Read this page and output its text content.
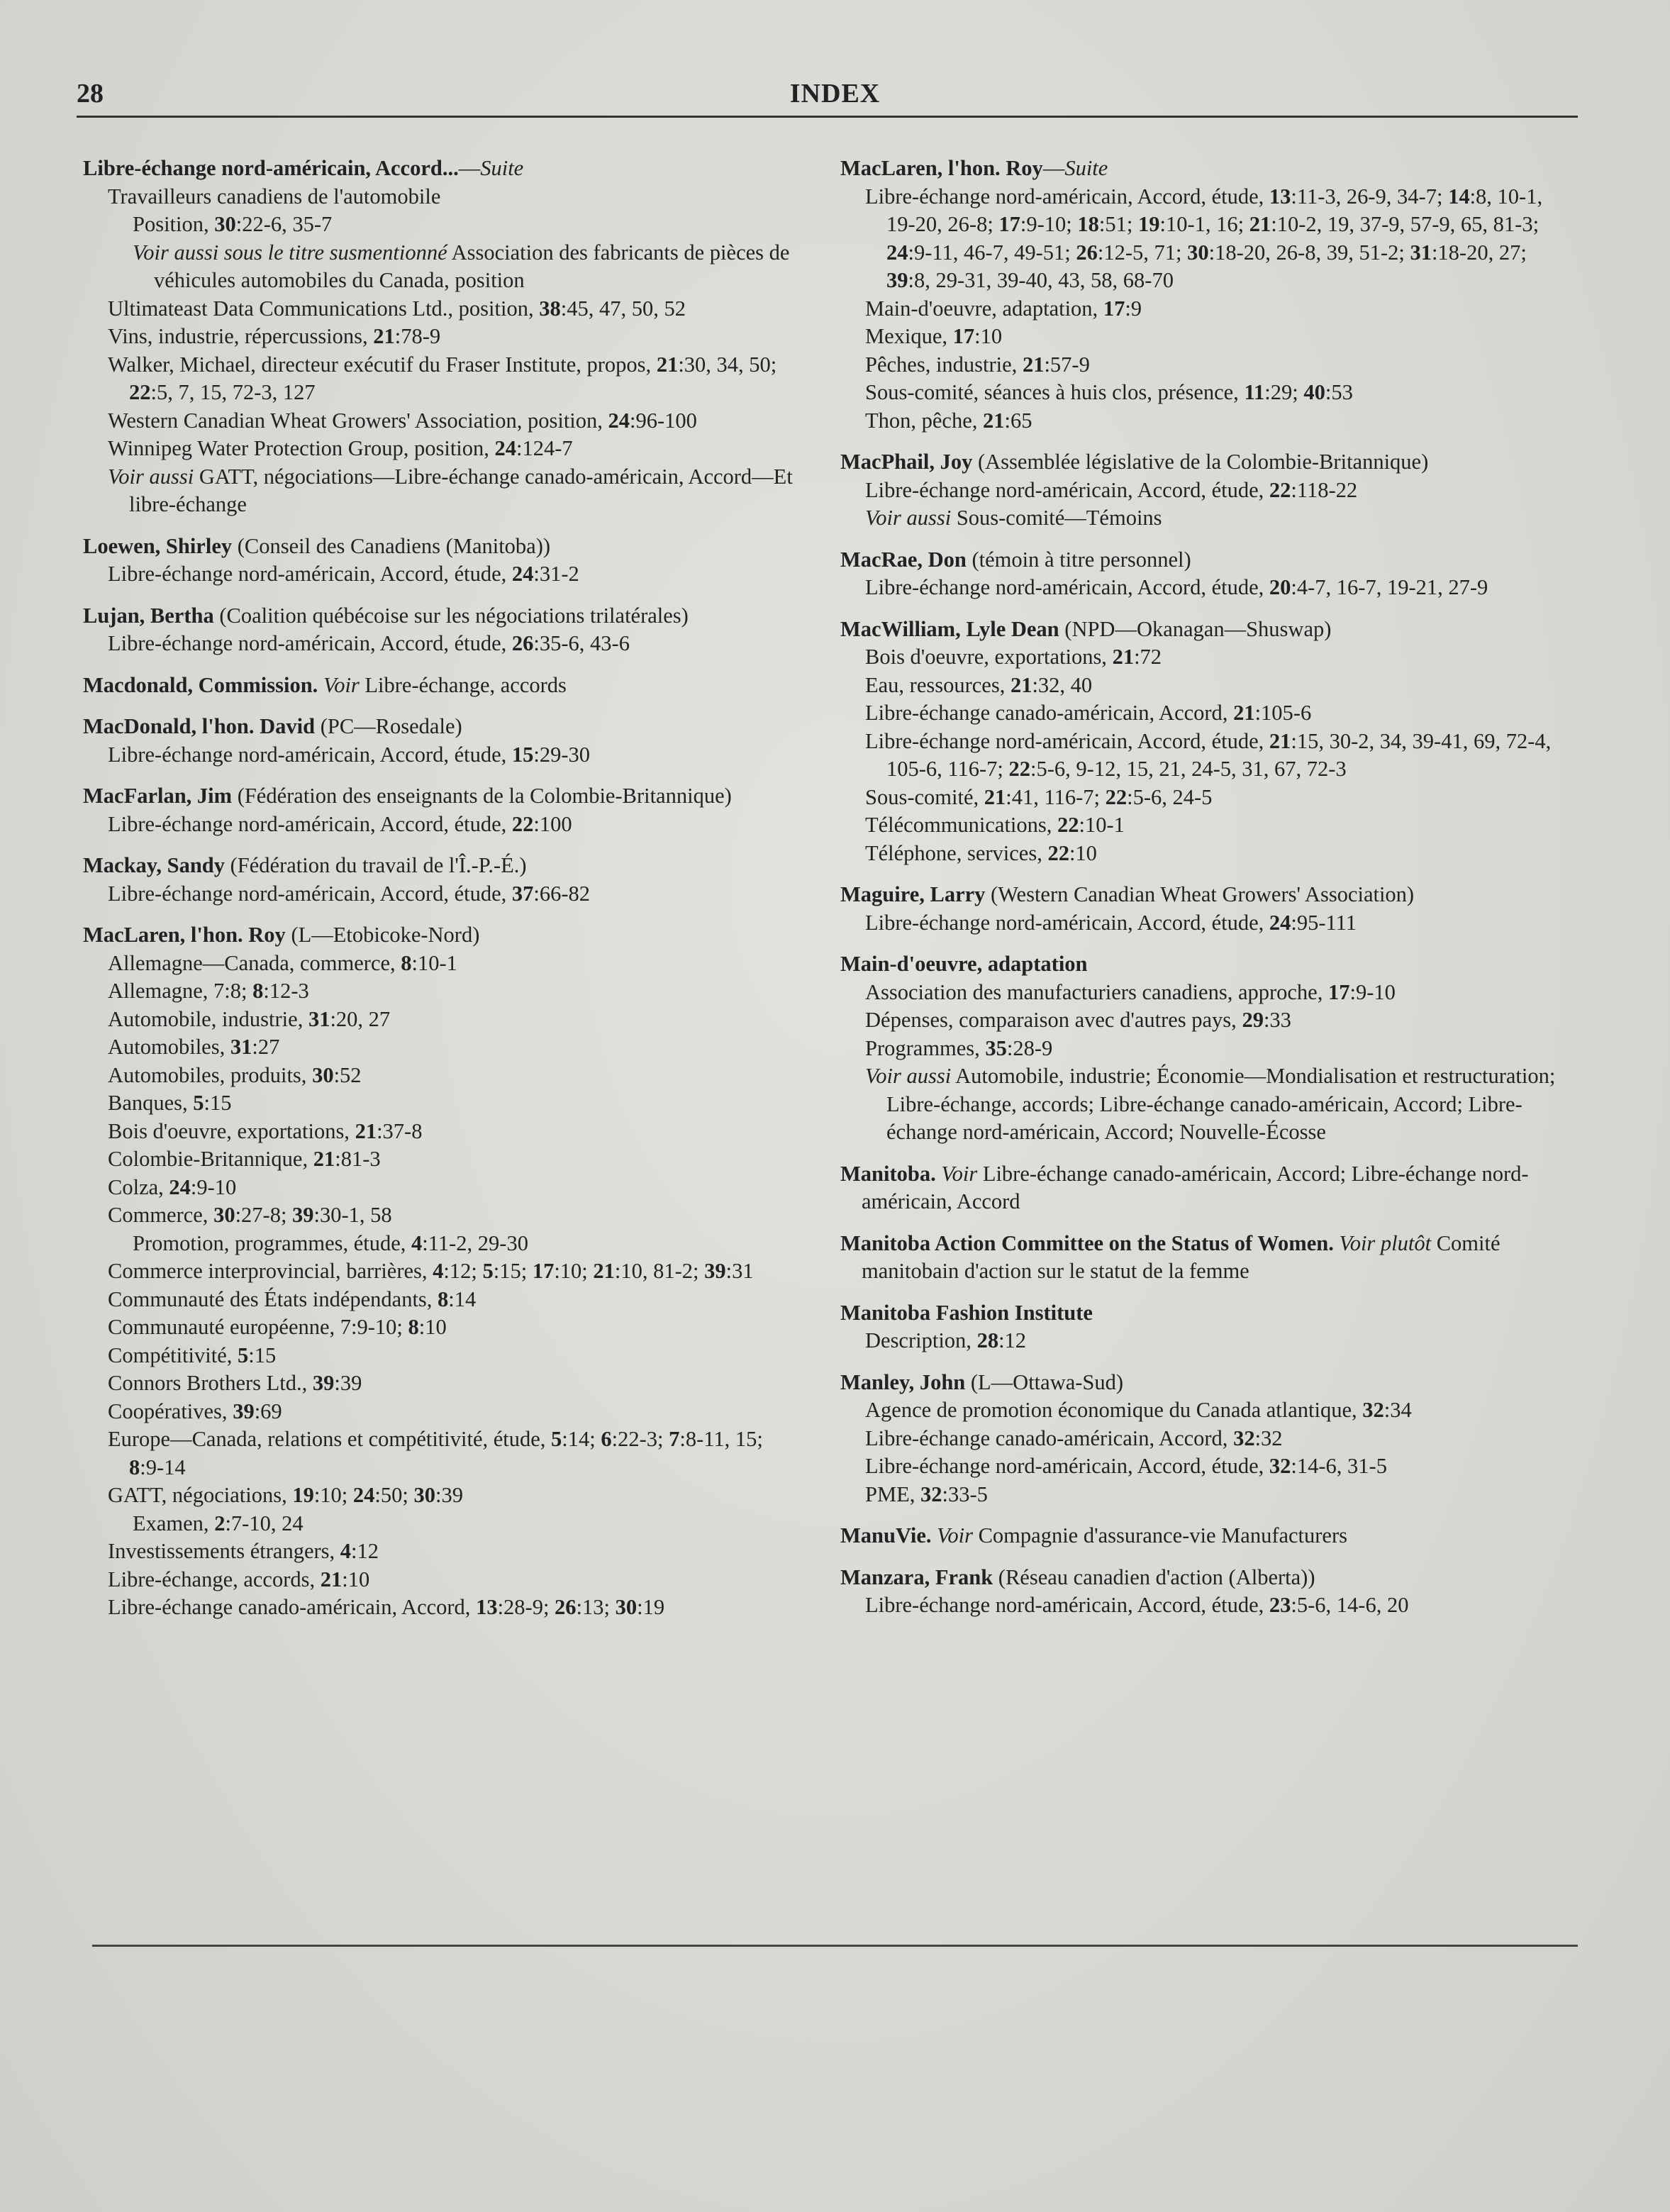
28	INDEX
Libre-échange nord-américain, Accord...—Suite
Travailleurs canadiens de l'automobile
Position, 30:22-6, 35-7
Voir aussi sous le titre susmentionné Association des fabricants de pièces de véhicules automobiles du Canada, position
Ultimateast Data Communications Ltd., position, 38:45, 47, 50, 52
Vins, industrie, répercussions, 21:78-9
Walker, Michael, directeur exécutif du Fraser Institute, propos, 21:30, 34, 50; 22:5, 7, 15, 72-3, 127
Western Canadian Wheat Growers' Association, position, 24:96-100
Winnipeg Water Protection Group, position, 24:124-7
Voir aussi GATT, négociations—Libre-échange canado-américain, Accord—Et libre-échange
Loewen, Shirley (Conseil des Canadiens (Manitoba))
Libre-échange nord-américain, Accord, étude, 24:31-2
Lujan, Bertha (Coalition québécoise sur les négociations trilatérales)
Libre-échange nord-américain, Accord, étude, 26:35-6, 43-6
Macdonald, Commission. Voir Libre-échange, accords
MacDonald, l'hon. David (PC—Rosedale)
Libre-échange nord-américain, Accord, étude, 15:29-30
MacFarlan, Jim (Fédération des enseignants de la Colombie-Britannique)
Libre-échange nord-américain, Accord, étude, 22:100
Mackay, Sandy (Fédération du travail de l'Î.-P.-É.)
Libre-échange nord-américain, Accord, étude, 37:66-82
MacLaren, l'hon. Roy (L—Etobicoke-Nord)
Allemagne—Canada, commerce, 8:10-1
Allemagne, 7:8; 8:12-3
Automobile, industrie, 31:20, 27
Automobiles, 31:27
Automobiles, produits, 30:52
Banques, 5:15
Bois d'oeuvre, exportations, 21:37-8
Colombie-Britannique, 21:81-3
Colza, 24:9-10
Commerce, 30:27-8; 39:30-1, 58
Promotion, programmes, étude, 4:11-2, 29-30
Commerce interprovincial, barrières, 4:12; 5:15; 17:10; 21:10, 81-2; 39:31
Communauté des États indépendants, 8:14
Communauté européenne, 7:9-10; 8:10
Compétitivité, 5:15
Connors Brothers Ltd., 39:39
Coopératives, 39:69
Europe—Canada, relations et compétitivité, étude, 5:14; 6:22-3; 7:8-11, 15; 8:9-14
GATT, négociations, 19:10; 24:50; 30:39
Examen, 2:7-10, 24
Investissements étrangers, 4:12
Libre-échange, accords, 21:10
Libre-échange canado-américain, Accord, 13:28-9; 26:13; 30:19
MacLaren, l'hon. Roy—Suite
Libre-échange nord-américain, Accord, étude, 13:11-3, 26-9, 34-7; 14:8, 10-1, 19-20, 26-8; 17:9-10; 18:51; 19:10-1, 16; 21:10-2, 19, 37-9, 57-9, 65, 81-3; 24:9-11, 46-7, 49-51; 26:12-5, 71; 30:18-20, 26-8, 39, 51-2; 31:18-20, 27; 39:8, 29-31, 39-40, 43, 58, 68-70
Main-d'oeuvre, adaptation, 17:9
Mexique, 17:10
Pêches, industrie, 21:57-9
Sous-comité, séances à huis clos, présence, 11:29; 40:53
Thon, pêche, 21:65
MacPhail, Joy (Assemblée législative de la Colombie-Britannique)
Libre-échange nord-américain, Accord, étude, 22:118-22
Voir aussi Sous-comité—Témoins
MacRae, Don (témoin à titre personnel)
Libre-échange nord-américain, Accord, étude, 20:4-7, 16-7, 19-21, 27-9
MacWilliam, Lyle Dean (NPD—Okanagan—Shuswap)
Bois d'oeuvre, exportations, 21:72
Eau, ressources, 21:32, 40
Libre-échange canado-américain, Accord, 21:105-6
Libre-échange nord-américain, Accord, étude, 21:15, 30-2, 34, 39-41, 69, 72-4, 105-6, 116-7; 22:5-6, 9-12, 15, 21, 24-5, 31, 67, 72-3
Sous-comité, 21:41, 116-7; 22:5-6, 24-5
Télécommunications, 22:10-1
Téléphone, services, 22:10
Maguire, Larry (Western Canadian Wheat Growers' Association)
Libre-échange nord-américain, Accord, étude, 24:95-111
Main-d'oeuvre, adaptation
Association des manufacturiers canadiens, approche, 17:9-10
Dépenses, comparaison avec d'autres pays, 29:33
Programmes, 35:28-9
Voir aussi Automobile, industrie; Économie—Mondialisation et restructuration; Libre-échange, accords; Libre-échange canado-américain, Accord; Libre-échange nord-américain, Accord; Nouvelle-Écosse
Manitoba. Voir Libre-échange canado-américain, Accord; Libre-échange nord-américain, Accord
Manitoba Action Committee on the Status of Women. Voir plutôt Comité manitobain d'action sur le statut de la femme
Manitoba Fashion Institute
Description, 28:12
Manley, John (L—Ottawa-Sud)
Agence de promotion économique du Canada atlantique, 32:34
Libre-échange canado-américain, Accord, 32:32
Libre-échange nord-américain, Accord, étude, 32:14-6, 31-5
PME, 32:33-5
ManuVie. Voir Compagnie d'assurance-vie Manufacturers
Manzara, Frank (Réseau canadien d'action (Alberta))
Libre-échange nord-américain, Accord, étude, 23:5-6, 14-6, 20
